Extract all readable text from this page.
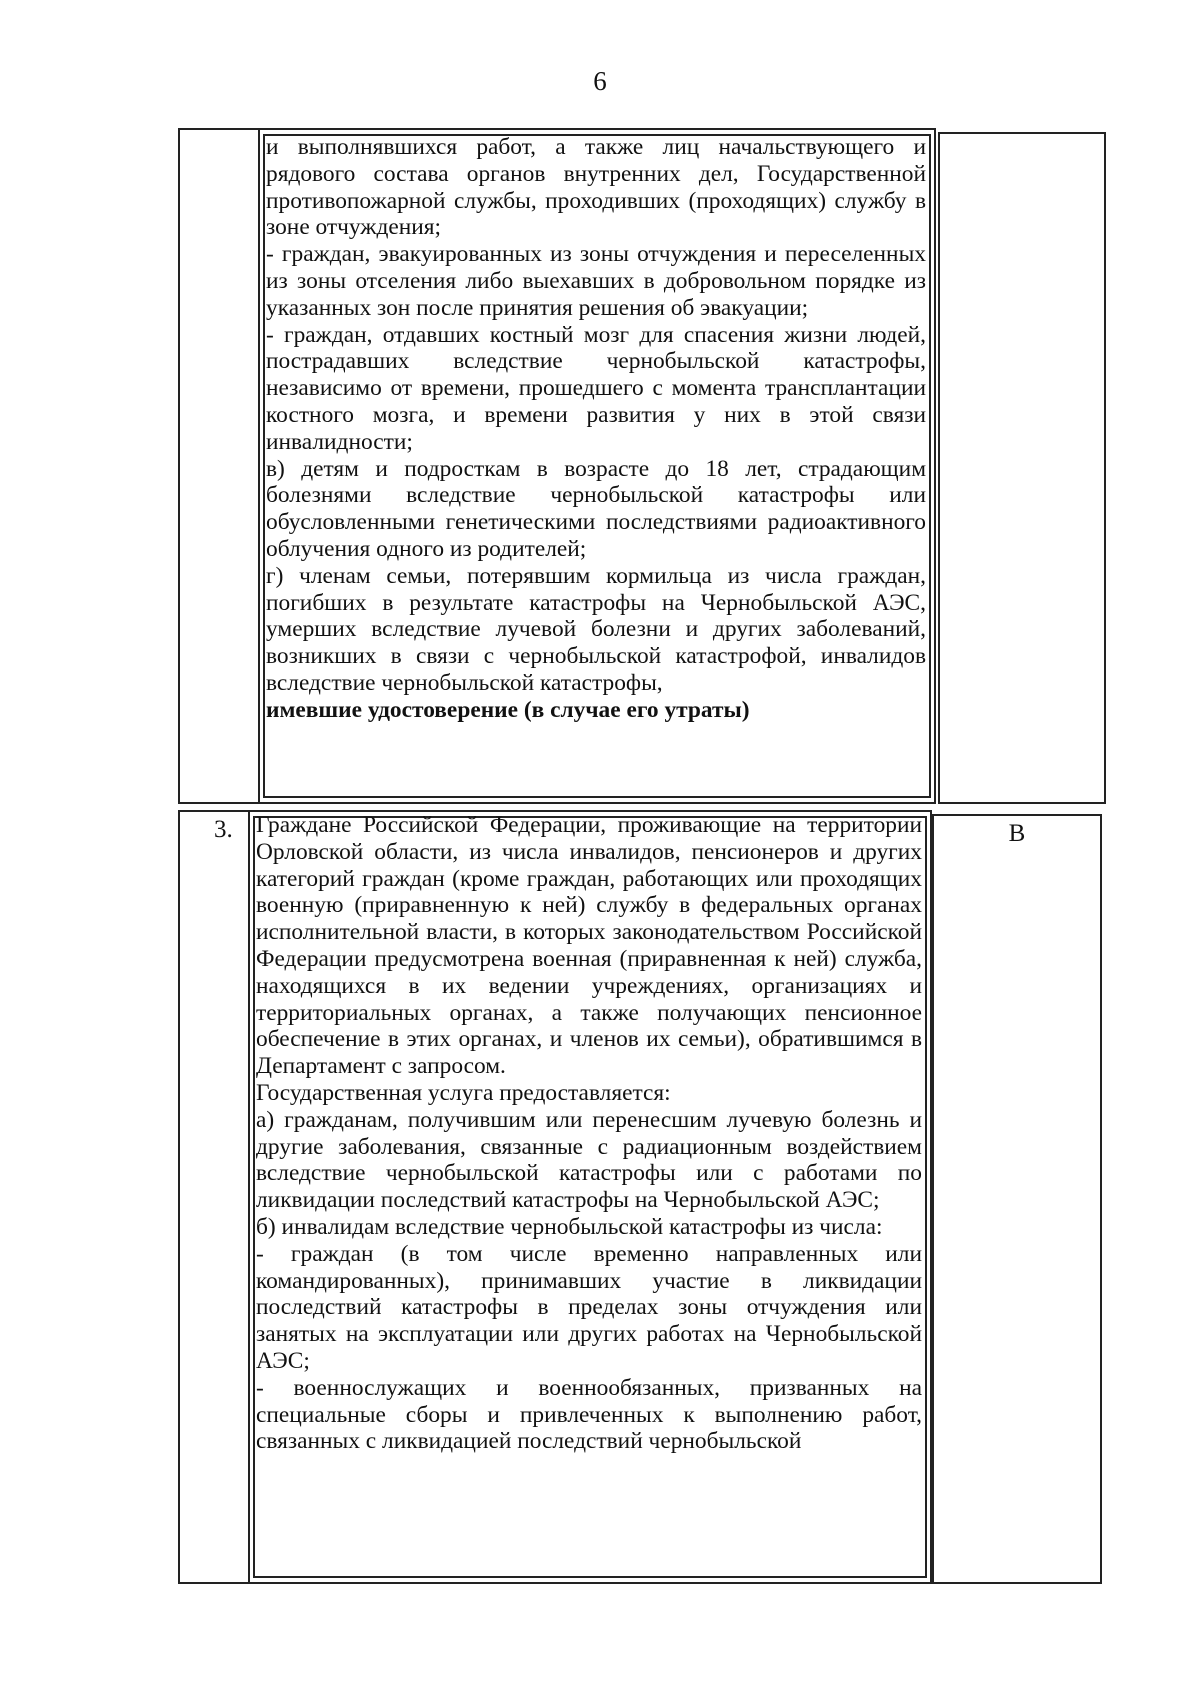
6

и выполнявшихся работ, а также лиц начальствующего и рядового состава органов внутренних дел, Государственной противопожарной службы, проходивших (проходящих) службу в зоне отчуждения;

- граждан, эвакуированных из зоны отчуждения и переселенных из зоны отселения либо выехавших в добровольном порядке из указанных зон после принятия решения об эвакуации;

- граждан, отдавших костный мозг для спасения жизни людей, пострадавших вследствие чернобыльской катастрофы, независимо от времени, прошедшего с момента трансплантации костного мозга, и времени развития у них в этой связи инвалидности;

в) детям и подросткам в возрасте до 18 лет, страдающим болезнями вследствие чернобыльской катастрофы или обусловленными генетическими последствиями радиоактивного облучения одного из родителей;

г) членам семьи, потерявшим кормильца из числа граждан, погибших в результате катастрофы на Чернобыльской АЭС, умерших вследствие лучевой болезни и других заболеваний, возникших в связи с чернобыльской катастрофой, инвалидов вследствие чернобыльской катастрофы,

имевшие удостоверение (в случае его утраты)

3. Граждане Российской Федерации, проживающие на территории Орловской области, из числа инвалидов, пенсионеров и других категорий граждан (кроме граждан, работающих или проходящих военную (приравненную к ней) службу в федеральных органах исполнительной власти, в которых законодательством Российской Федерации предусмотрена военная (приравненная к ней) служба, находящихся в их ведении учреждениях, организациях и территориальных органах, а также получающих пенсионное обеспечение в этих органах, и членов их семьи), обратившимся в Департамент с запросом.

Государственная услуга предоставляется:

а) гражданам, получившим или перенесшим лучевую болезнь и другие заболевания, связанные с радиационным воздействием вследствие чернобыльской катастрофы или с работами по ликвидации последствий катастрофы на Чернобыльской АЭС;

б) инвалидам вследствие чернобыльской катастрофы из числа:

- граждан (в том числе временно направленных или командированных), принимавших участие в ликвидации последствий катастрофы в пределах зоны отчуждения или занятых на эксплуатации или других работах на Чернобыльской АЭС;

- военнослужащих и военнообязанных, призванных на специальные сборы и привлеченных к выполнению работ, связанных с ликвидацией последствий чернобыльской

В
